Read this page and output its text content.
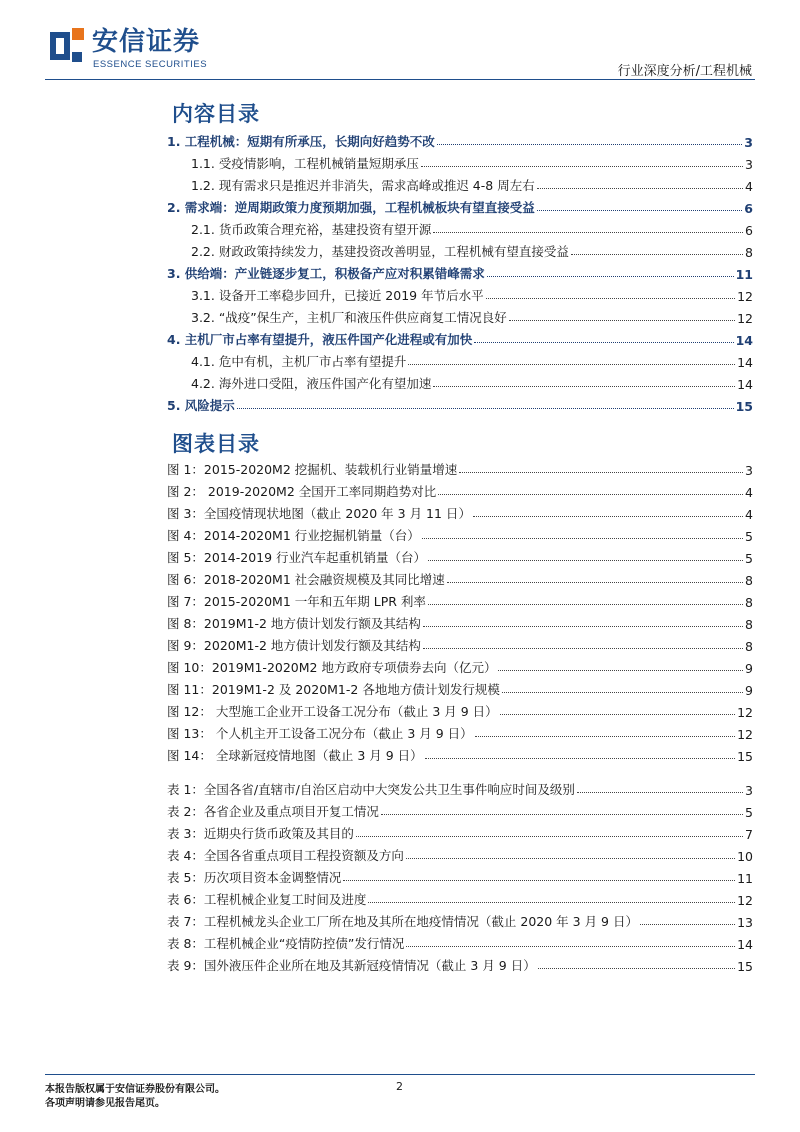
安信证券
ESSENCE SECURITIES	行业深度分析/工程机械
内容目录
1. 工程机械：短期有所承压，长期向好趋势不改	3
1.1. 受疫情影响，工程机械销量短期承压	3
1.2. 现有需求只是推迟并非消失，需求高峰或推迟 4-8 周左右	4
2. 需求端：逆周期政策力度预期加强，工程机械板块有望直接受益	6
2.1. 货币政策合理充裕，基建投资有望开源	6
2.2. 财政政策持续发力，基建投资改善明显，工程机械有望直接受益	8
3. 供给端：产业链逐步复工，积极备产应对积累错峰需求	11
3.1. 设备开工率稳步回升，已接近 2019 年节后水平	12
3.2. “战疫”保生产，主机厂和液压件供应商复工情况良好	12
4. 主机厂市占率有望提升，液压件国产化进程或有加快	14
4.1. 危中有机，主机厂市占率有望提升	14
4.2. 海外进口受阻，液压件国产化有望加速	14
5. 风险提示	15
图表目录
图 1：2015-2020M2 挖掘机、装载机行业销量增速	3
图 2： 2019-2020M2 全国开工率同期趋势对比	4
图 3：全国疫情现状地图（截止 2020 年 3 月 11 日）	4
图 4：2014-2020M1 行业挖掘机销量（台）	5
图 5：2014-2019 行业汽车起重机销量（台）	5
图 6：2018-2020M1 社会融资规模及其同比增速	8
图 7：2015-2020M1 一年和五年期 LPR 利率	8
图 8：2019M1-2 地方债计划发行额及其结构	8
图 9：2020M1-2 地方债计划发行额及其结构	8
图 10：2019M1-2020M2 地方政府专项债券去向（亿元）	9
图 11：2019M1-2 及 2020M1-2 各地地方债计划发行规模	9
图 12： 大型施工企业开工设备工况分布（截止 3 月 9 日）	12
图 13： 个人机主开工设备工况分布（截止 3 月 9 日）	12
图 14： 全球新冠疫情地图（截止 3 月 9 日）	15
表 1：全国各省/直辖市/自治区启动中大突发公共卫生事件响应时间及级别	3
表 2：各省企业及重点项目开复工情况	5
表 3：近期央行货币政策及其目的	7
表 4：全国各省重点项目工程投资额及方向	10
表 5：历次项目资本金调整情况	11
表 6：工程机械企业复工时间及进度	12
表 7：工程机械龙头企业工厂所在地及其所在地疫情情况（截止 2020 年 3 月 9 日）	13
表 8：工程机械企业“疫情防控债”发行情况	14
表 9：国外液压件企业所在地及其新冠疫情情况（截止 3 月 9 日）	15
本报告版权属于安信证券股份有限公司。
各项声明请参见报告尾页。
2
